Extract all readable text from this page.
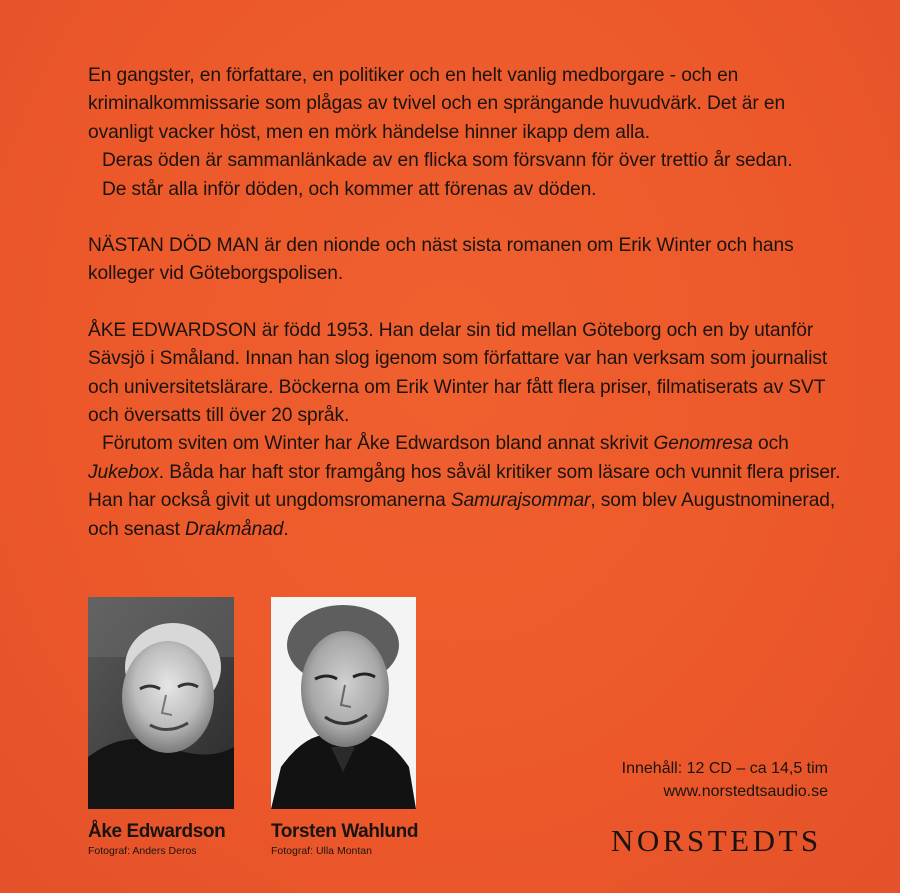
En gangster, en författare, en politiker och en helt vanlig medborgare - och en kriminalkommissarie som plågas av tvivel och en sprängande huvudvärk. Det är en ovanligt vacker höst, men en mörk händelse hinner ikapp dem alla.

Deras öden är sammanlänkade av en flicka som försvann för över trettio år sedan.

De står alla inför döden, och kommer att förenas av döden.

NÄSTAN DÖD MAN är den nionde och näst sista romanen om Erik Winter och hans kolleger vid Göteborgspolisen.

ÅKE EDWARDSON är född 1953. Han delar sin tid mellan Göteborg och en by utanför Sävsjö i Småland. Innan han slog igenom som författare var han verksam som journalist och universitetslärare. Böckerna om Erik Winter har fått flera priser, filmatiserats av SVT och översatts till över 20 språk.

Förutom sviten om Winter har Åke Edwardson bland annat skrivit Genomresa och Jukebox. Båda har haft stor framgång hos såväl kritiker som läsare och vunnit flera priser. Han har också givit ut ungdomsromanerna Samurajsommar, som blev Augustnominerad, och senast Drakmånad.

Åke Edwardson
Fotograf: Anders Deros
Torsten Wahlund
Fotograf: Ulla Montan
Innehåll: 12 CD – ca 14,5 tim
www.norstedtsaudio.se
NORSTEDTS
